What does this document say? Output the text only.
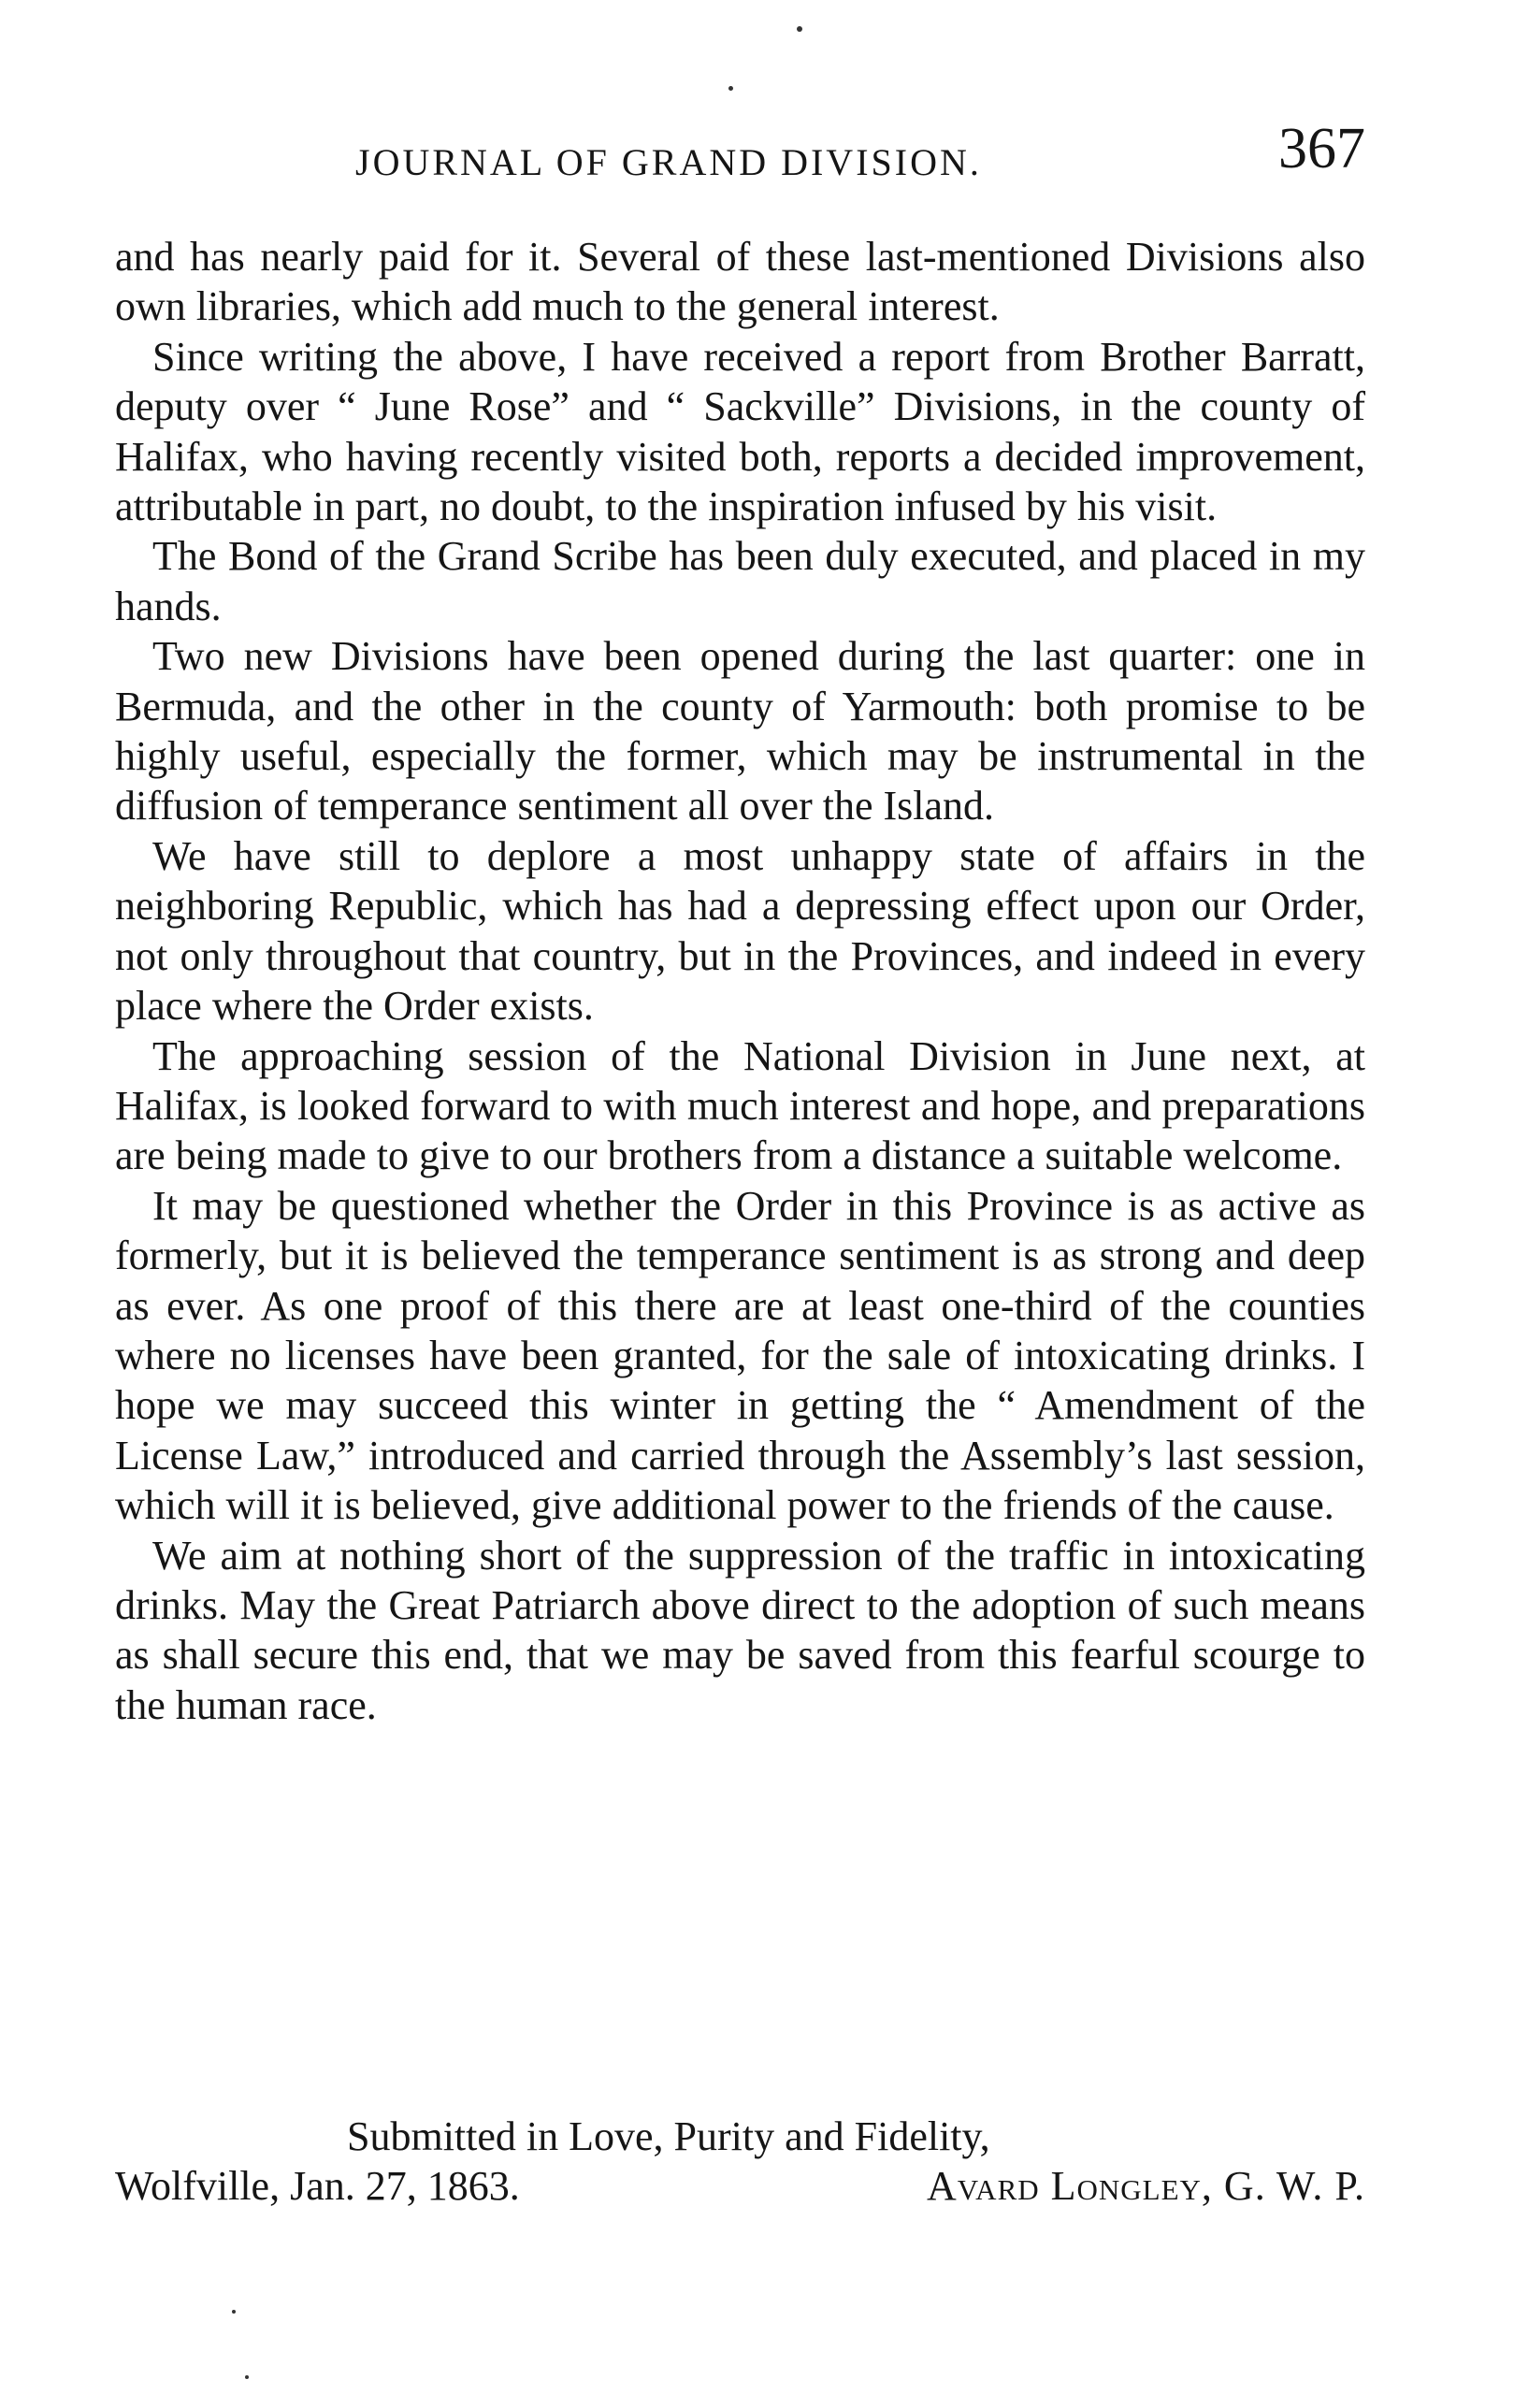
JOURNAL OF GRAND DIVISION.	367

and has nearly paid for it. Several of these last-mentioned Divisions also own libraries, which add much to the general interest.

Since writing the above, I have received a report from Brother Barratt, deputy over “ June Rose” and “ Sackville” Divisions, in the county of Halifax, who having recently visited both, reports a decided improvement, attributable in part, no doubt, to the inspiration infused by his visit.

The Bond of the Grand Scribe has been duly executed, and placed in my hands.

Two new Divisions have been opened during the last quarter: one in Bermuda, and the other in the county of Yarmouth: both promise to be highly useful, especially the former, which may be instrumental in the diffusion of temperance sentiment all over the Island.

We have still to deplore a most unhappy state of affairs in the neighboring Republic, which has had a depressing effect upon our Order, not only throughout that country, but in the Provinces, and indeed in every place where the Order exists.

The approaching session of the National Division in June next, at Halifax, is looked forward to with much interest and hope, and preparations are being made to give to our brothers from a distance a suitable welcome.

It may be questioned whether the Order in this Province is as active as formerly, but it is believed the temperance sentiment is as strong and deep as ever. As one proof of this there are at least one-third of the counties where no licenses have been granted, for the sale of intoxicating drinks. I hope we may succeed this winter in getting the “ Amendment of the License Law,” introduced and carried through the Assembly’s last session, which will it is believed, give additional power to the friends of the cause.

We aim at nothing short of the suppression of the traffic in intoxicating drinks. May the Great Patriarch above direct to the adoption of such means as shall secure this end, that we may be saved from this fearful scourge to the human race.

Submitted in Love, Purity and Fidelity,
Wolfville, Jan. 27, 1863.	Avard Longley, G. W. P.
